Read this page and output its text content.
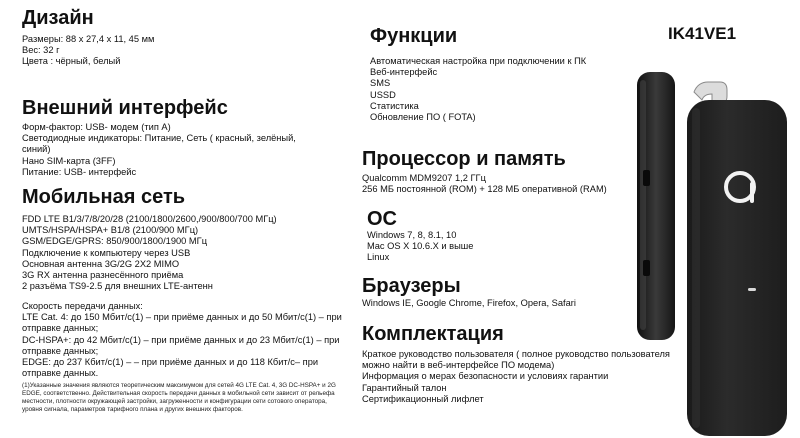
Дизайн
Размеры: 88 x 27,4 x 11, 45 мм
Вес: 32 г
Цвета : чёрный, белый
Внешний интерфейс
Форм-фактор: USB- модем (тип А)
Светодиодные индикаторы: Питание, Сеть ( красный, зелёный,
синий)
Нано SIM-карта (3FF)
Питание: USB- интерфейс
Мобильная сеть
FDD LTE B1/3/7/8/20/28 (2100/1800/2600,/900/800/700 МГц)
UMTS/HSPA/HSPA+ B1/8 (2100/900 МГц)
GSM/EDGE/GPRS: 850/900/1800/1900 МГц
Подключение к компьютеру через USB
Основная антенна 3G/2G 2X2 MIMO
3G RX антенна разнесённого приёма
2 разъёма TS9-2.5 для внешних LTE-антенн
Скорость передачи данных:
LTE Cat. 4: до 150 Мбит/с(1) – при приёме данных и до 50 Мбит/с(1) – при
отправке данных;
DC-HSPA+: до 42 Мбит/с(1) – при приёме данных и до 23 Мбит/с(1) – при
отправке данных;
EDGE: до 237 Кбит/с(1) – – при приёме данных и до 118 Кбит/с– при
отправке данных.
(1)Указанные значения являются теоретическим максимумом для сетей 4G LTE Cat. 4, 3G DC-HSPA+ и 2G EDGE, соответственно. Действительная скорость передачи данных в мобильной сети зависит от рельефа местности, плотности окружающей застройки, загруженности и конфигурации сети сотового оператора, уровня сигнала, параметров тарифного плана и других внешних факторов.
Функции
Автоматическая настройка при подключении к ПК
Веб-интерфейс
SMS
USSD
Статистика
Обновление ПО ( FOTA)
Процессор и память
Qualcomm MDM9207 1,2 ГГц
256 МБ постоянной (ROM) + 128 МБ оперативной (RAM)
ОС
Windows 7, 8, 8.1, 10
Mac OS X 10.6.X и выше
Linux
Браузеры
Windows IE, Google Chrome, Firefox, Opera, Safari
Комплектация
Краткое руководство пользователя ( полное руководство пользователя
можно найти в веб-интерфейсе ПО модема)
Информация о мерах безопасности и условиях гарантии
Гарантийный талон
Сертификационный лифлет
IK41VE1
